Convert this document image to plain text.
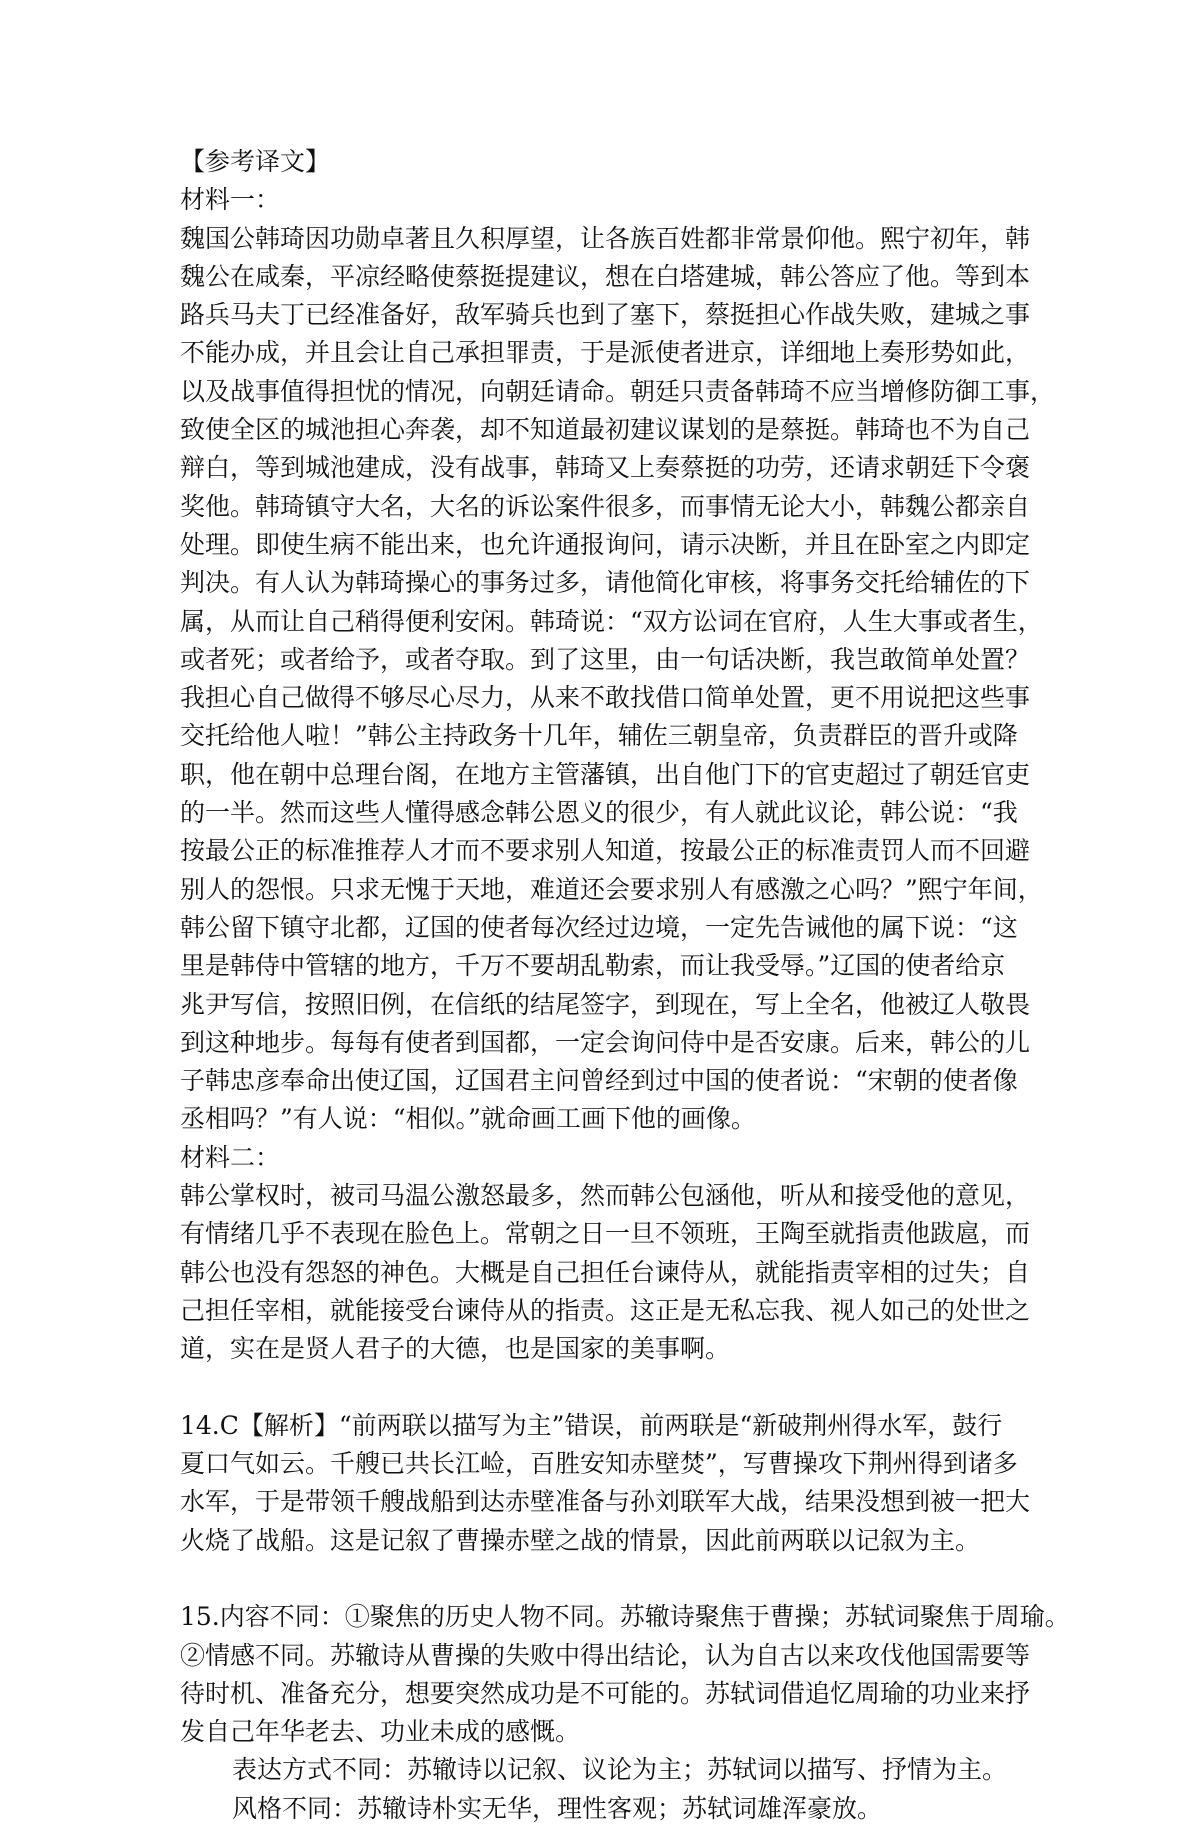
【参考译文】
材料一：
魏国公韩琦因功勋卓著且久积厚望，让各族百姓都非常景仰他。熙宁初年，韩
魏公在咸秦，平凉经略使蔡挺提建议，想在白塔建城，韩公答应了他。等到本
路兵马夫丁已经准备好，敌军骑兵也到了塞下，蔡挺担心作战失败，建城之事
不能办成，并且会让自己承担罪责，于是派使者进京，详细地上奏形势如此，
以及战事值得担忧的情况，向朝廷请命。朝廷只责备韩琦不应当增修防御工事，
致使全区的城池担心奔袭，却不知道最初建议谋划的是蔡挺。韩琦也不为自己
辩白，等到城池建成，没有战事，韩琦又上奏蔡挺的功劳，还请求朝廷下令褒
奖他。韩琦镇守大名，大名的诉讼案件很多，而事情无论大小，韩魏公都亲自
处理。即使生病不能出来，也允许通报询问，请示决断，并且在卧室之内即定
判决。有人认为韩琦操心的事务过多，请他简化审核，将事务交托给辅佐的下
属，从而让自己稍得便利安闲。韩琦说：“双方讼词在官府，人生大事或者生，
或者死；或者给予，或者夺取。到了这里，由一句话决断，我岂敢简单处置？
我担心自己做得不够尽心尽力，从来不敢找借口简单处置，更不用说把这些事
交托给他人啦！”韩公主持政务十几年，辅佐三朝皇帝，负责群臣的晋升或降
职，他在朝中总理台阁，在地方主管藩镇，出自他门下的官吏超过了朝廷官吏
的一半。然而这些人懂得感念韩公恩义的很少，有人就此议论，韩公说：“我
按最公正的标准推荐人才而不要求别人知道，按最公正的标准责罚人而不回避
别人的怨恨。只求无愧于天地，难道还会要求别人有感激之心吗？”熙宁年间，
韩公留下镇守北都，辽国的使者每次经过边境，一定先告诫他的属下说：“这
里是韩侍中管辖的地方，千万不要胡乱勒索，而让我受辱。”辽国的使者给京
兆尹写信，按照旧例，在信纸的结尾签字，到现在，写上全名，他被辽人敬畏
到这种地步。每每有使者到国都，一定会询问侍中是否安康。后来，韩公的儿
子韩忠彦奉命出使辽国，辽国君主问曾经到过中国的使者说：“宋朝的使者像
丞相吗？”有人说：“相似。”就命画工画下他的画像。
材料二：
韩公掌权时，被司马温公激怒最多，然而韩公包涵他，听从和接受他的意见，
有情绪几乎不表现在脸色上。常朝之日一旦不领班，王陶至就指责他跋扈，而
韩公也没有怨怒的神色。大概是自己担任台谏侍从，就能指责宰相的过失；自
己担任宰相，就能接受台谏侍从的指责。这正是无私忘我、视人如己的处世之
道，实在是贤人君子的大德，也是国家的美事啊。
14.C【解析】“前两联以描写为主”错误，前两联是“新破荆州得水军，鼓行
夏口气如云。千艘已共长江崄，百胜安知赤壁焚”，写曹操攻下荆州得到诸多
水军，于是带领千艘战船到达赤壁准备与孙刘联军大战，结果没想到被一把大
火烧了战船。这是记叙了曹操赤壁之战的情景，因此前两联以记叙为主。
15.内容不同：①聚焦的历史人物不同。苏辙诗聚焦于曹操；苏轼词聚焦于周瑜。
②情感不同。苏辙诗从曹操的失败中得出结论，认为自古以来攻伐他国需要等
待时机、准备充分，想要突然成功是不可能的。苏轼词借追忆周瑜的功业来抒
发自己年华老去、功业未成的感慨。
表达方式不同：苏辙诗以记叙、议论为主；苏轼词以描写、抒情为主。
风格不同：苏辙诗朴实无华，理性客观；苏轼词雄浑豪放。
